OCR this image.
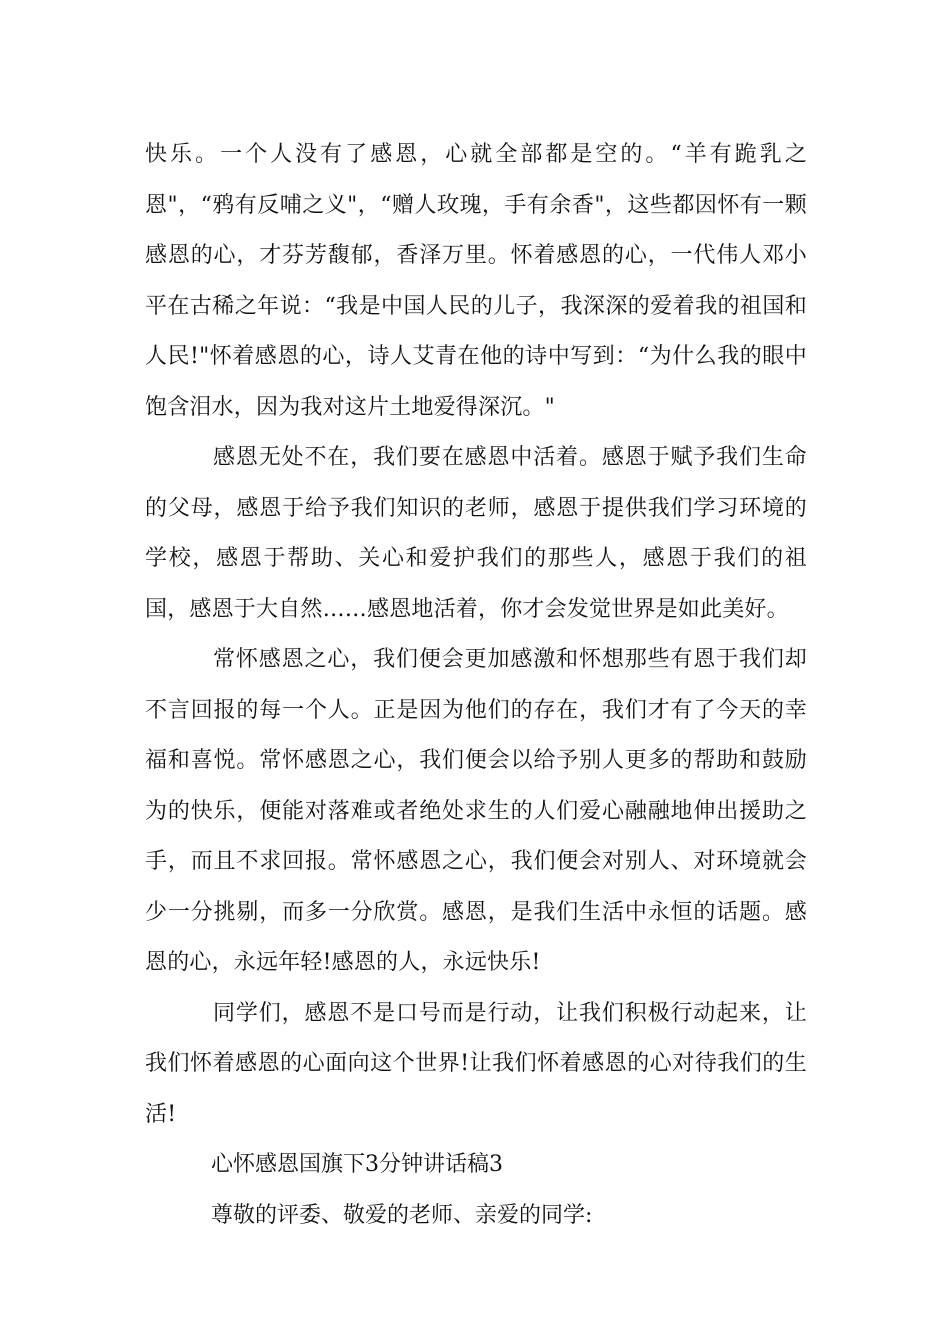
快乐。一个人没有了感恩，心就全部都是空的。“羊有跪乳之恩"，“鸦有反哺之义"，“赠人玫瑰，手有余香"，这些都因怀有一颗感恩的心，才芬芳馥郁，香泽万里。怀着感恩的心，一代伟人邓小平在古稀之年说：“我是中国人民的儿子，我深深的爱着我的祖国和人民!"怀着感恩的心，诗人艾青在他的诗中写到：“为什么我的眼中饱含泪水，因为我对这片土地爱得深沉。"

感恩无处不在，我们要在感恩中活着。感恩于赋予我们生命的父母，感恩于给予我们知识的老师，感恩于提供我们学习环境的学校，感恩于帮助、关心和爱护我们的那些人，感恩于我们的祖国，感恩于大自然……感恩地活着，你才会发觉世界是如此美好。

常怀感恩之心，我们便会更加感激和怀想那些有恩于我们却不言回报的每一个人。正是因为他们的存在，我们才有了今天的幸福和喜悦。常怀感恩之心，我们便会以给予别人更多的帮助和鼓励为的快乐，便能对落难或者绝处求生的人们爱心融融地伸出援助之手，而且不求回报。常怀感恩之心，我们便会对别人、对环境就会少一分挑剔，而多一分欣赏。感恩，是我们生活中永恒的话题。感恩的心，永远年轻!感恩的人，永远快乐!

同学们，感恩不是口号而是行动，让我们积极行动起来，让我们怀着感恩的心面向这个世界!让我们怀着感恩的心对待我们的生活!

心怀感恩国旗下3分钟讲话稿3

尊敬的评委、敬爱的老师、亲爱的同学:
